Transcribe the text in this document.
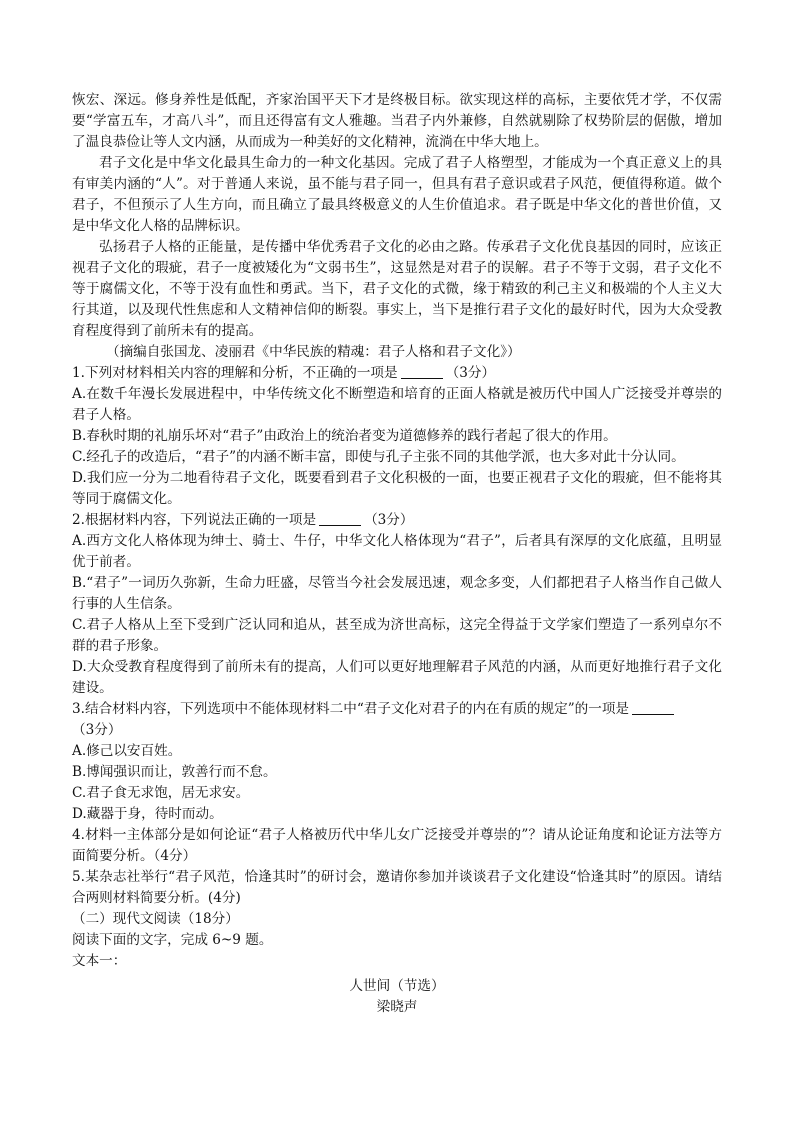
恢宏、深远。修身养性是低配，齐家治国平天下才是终极目标。欲实现这样的高标，主要依凭才学，不仅需要“学富五车，才高八斗”，而且还得富有文人雅趣。当君子内外兼修，自然就剔除了权势阶层的倨傲，增加了温良恭俭让等人文内涵，从而成为一种美好的文化精神，流淌在中华大地上。

君子文化是中华文化最具生命力的一种文化基因。完成了君子人格塑型，才能成为一个真正意义上的具有审美内涵的“人”。对于普通人来说，虽不能与君子同一，但具有君子意识或君子风范，便值得称道。做个君子，不但预示了人生方向，而且确立了最具终极意义的人生价值追求。君子既是中华文化的普世价值，又是中华文化人格的品牌标识。

弘扬君子人格的正能量，是传播中华优秀君子文化的必由之路。传承君子文化优良基因的同时，应该正视君子文化的瑕疵，君子一度被矮化为“文弱书生”，这显然是对君子的误解。君子不等于文弱，君子文化不等于腐儒文化，不等于没有血性和勇武。当下，君子文化的式微，缘于精致的利己主义和极端的个人主义大行其道，以及现代性焦虑和人文精神信仰的断裂。事实上，当下是推行君子文化的最好时代，因为大众受教育程度得到了前所未有的提高。

（摘编自张国龙、凌丽君《中华民族的精魂：君子人格和君子文化》）

1.下列对材料相关内容的理解和分析，不正确的一项是	（3分）

A.在数千年漫长发展进程中，中华传统文化不断塑造和培育的正面人格就是被历代中国人广泛接受并尊崇的君子人格。

B.春秋时期的礼崩乐坏对“君子”由政治上的统治者变为道德修养的践行者起了很大的作用。

C.经孔子的改造后，“君子”的内涵不断丰富，即使与孔子主张不同的其他学派，也大多对此十分认同。

D.我们应一分为二地看待君子文化，既要看到君子文化积极的一面，也要正视君子文化的瑕疵，但不能将其等同于腐儒文化。

2.根据材料内容，下列说法正确的一项是	（3分）

A.西方文化人格体现为绅士、骑士、牛仔，中华文化人格体现为“君子”，后者具有深厚的文化底蕴，且明显优于前者。

B.“君子”一词历久弥新，生命力旺盛，尽管当今社会发展迅速，观念多变，人们都把君子人格当作自己做人行事的人生信条。

C.君子人格从上至下受到广泛认同和追从，甚至成为济世高标，这完全得益于文学家们塑造了一系列卓尔不群的君子形象。

D.大众受教育程度得到了前所未有的提高，人们可以更好地理解君子风范的内涵，从而更好地推行君子文化建设。

3.结合材料内容，下列选项中不能体现材料二中“君子文化对君子的内在有质的规定”的一项是（3分）

A.修己以安百姓。

B.博闻强识而让，敦善行而不怠。

C.君子食无求饱，居无求安。

D.藏器于身，待时而动。

4.材料一主体部分是如何论证“君子人格被历代中华儿女广泛接受并尊崇的”？请从论证角度和论证方法等方面简要分析。（4分）

5.某杂志社举行“君子风范，恰逢其时”的研讨会，邀请你参加并谈谈君子文化建设“恰逢其时”的原因。请结合两则材料简要分析。(4分)

（二）现代文阅读（18分）

阅读下面的文字，完成 6~9 题。

文本一：

人世间（节选）

梁晓声
